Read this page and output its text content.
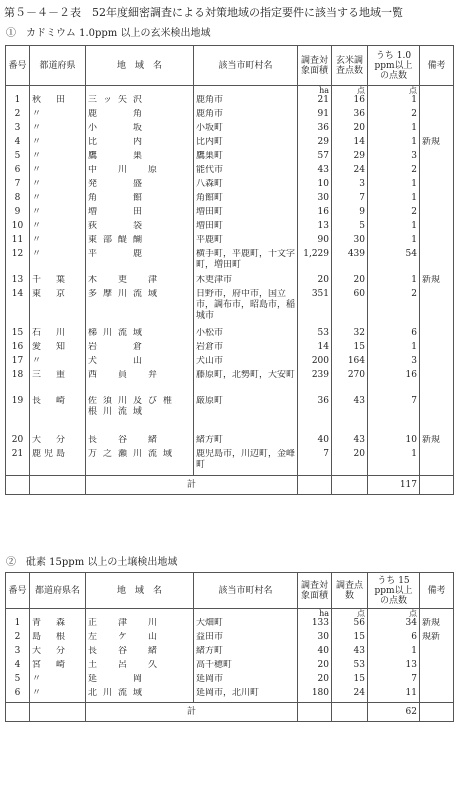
第５－４－２表　52年度細密調査による対策地域の指定要件に該当する地域一覧
①　カドミウム 1.0ppm 以上の玄米検出地域
番号	都道府県	地　域　名	該当市町村名	調査対象面積	玄米調査点数	うち 1.0 ppm以上の点数	備考
				ha	点	点	
1	秋　田	三ッ矢沢	鹿角市	21	16	1	
2	〃	鹿　　角	鹿角市	91	36	2	
3	〃	小　　坂	小坂町	36	20	1	
4	〃	比　　内	比内町	29	14	1	新規
5	〃	鷹　　巣	鷹巣町	57	29	3	
6	〃	中　川　原	能代市	43	24	2	
7	〃	発　　盛	八森町	10	3	1	
8	〃	角　　館	角館町	30	7	1	
9	〃	増　　田	増田町	16	9	2	
10	〃	荻　　袋	増田町	13	5	1	
11	〃	東部醍醐	平鹿町	90	30	1	
12	〃	平　　鹿	横手町，平鹿町，十文字町，増田町	1,229	439	54	
13	千　葉	木　更　津	木更津市	20	20	1	新規
14	東　京	多摩川流域	日野市，府中市，国立市，調布市，昭島市，稲城市	351	60	2	
15	石　川	梯川流域	小松市	53	32	6	
16	愛　知	岩　　倉	岩倉市	14	15	1	
17	〃	犬　　山	犬山市	200	164	3	
18	三　重	西　員　弁	藤原町，北勢町，大安町	239	270	16	
19	長　崎	佐須川及び椎根川流域	厳原町	36	43	7	
20	大　分	長　谷　緒	緒方町	40	43	10	新規
21	鹿児島	万之瀬川流域	鹿児島市，川辺町，金峰町	7	20	1	
		計				117	
②　砒素 15ppm 以上の土壌検出地域
番号	都道府県名	地　域　名	該当市町村名	調査対象面積	調査点数	うち 15 ppm以上の点数	備考
				ha	点	点	
1	青　森	正　津　川	大畑町	133	56	34	新規
2	島　根	左　ケ　山	益田市	30	15	6	規新
3	大　分	長　谷　緒	緒方町	40	43	1	
4	宮　崎	土　呂　久	高千穂町	20	53	13	
5	〃	延　　岡	延岡市	20	15	7	
6	〃	北川流域	延岡市，北川町	180	24	11	
		計				62	
